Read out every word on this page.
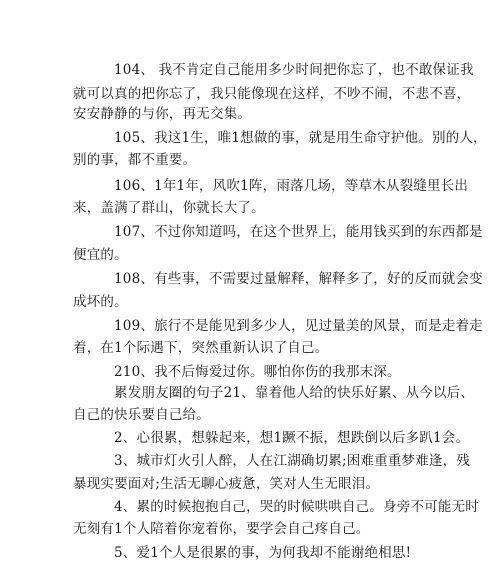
104、 我不肯定自己能用多少时间把你忘了，也不敢保证我
就可以真的把你忘了，我只能像现在这样，不吵不闹，不悲不喜，
安安静静的与你，再无交集。
105、我这1生，唯1想做的事，就是用生命守护他。别的人，
别的事，都不重要。
106、1年1年，风吹1阵，雨落几场，等草木从裂缝里长出
来，盖满了群山，你就长大了。
107、不过你知道吗，在这个世界上，能用钱买到的东西都是
便宜的。
108、有些事，不需要过量解释，解释多了，好的反而就会变
成坏的。
109、旅行不是能见到多少人，见过量美的风景，而是走着走
着，在1个际遇下，突然重新认识了自己。
210、我不后悔爱过你。哪怕你伤的我那末深。
累发朋友圈的句子21、靠着他人给的快乐好累、从今以后、
自己的快乐要自己给。
2、心很累，想躲起来，想1蹶不振，想跌倒以后多趴1会。
3、城市灯火引人醉，人在江湖确切累;困难重重梦难逢，残
暴现实要面对;生活无聊心疲惫，笑对人生无眼泪。
4、累的时候抱抱自己，哭的时候哄哄自己。身旁不可能无时
无刻有1个人陪着你宠着你，要学会自己疼自己。
5、爱1个人是很累的事，为何我却不能谢绝相思!
